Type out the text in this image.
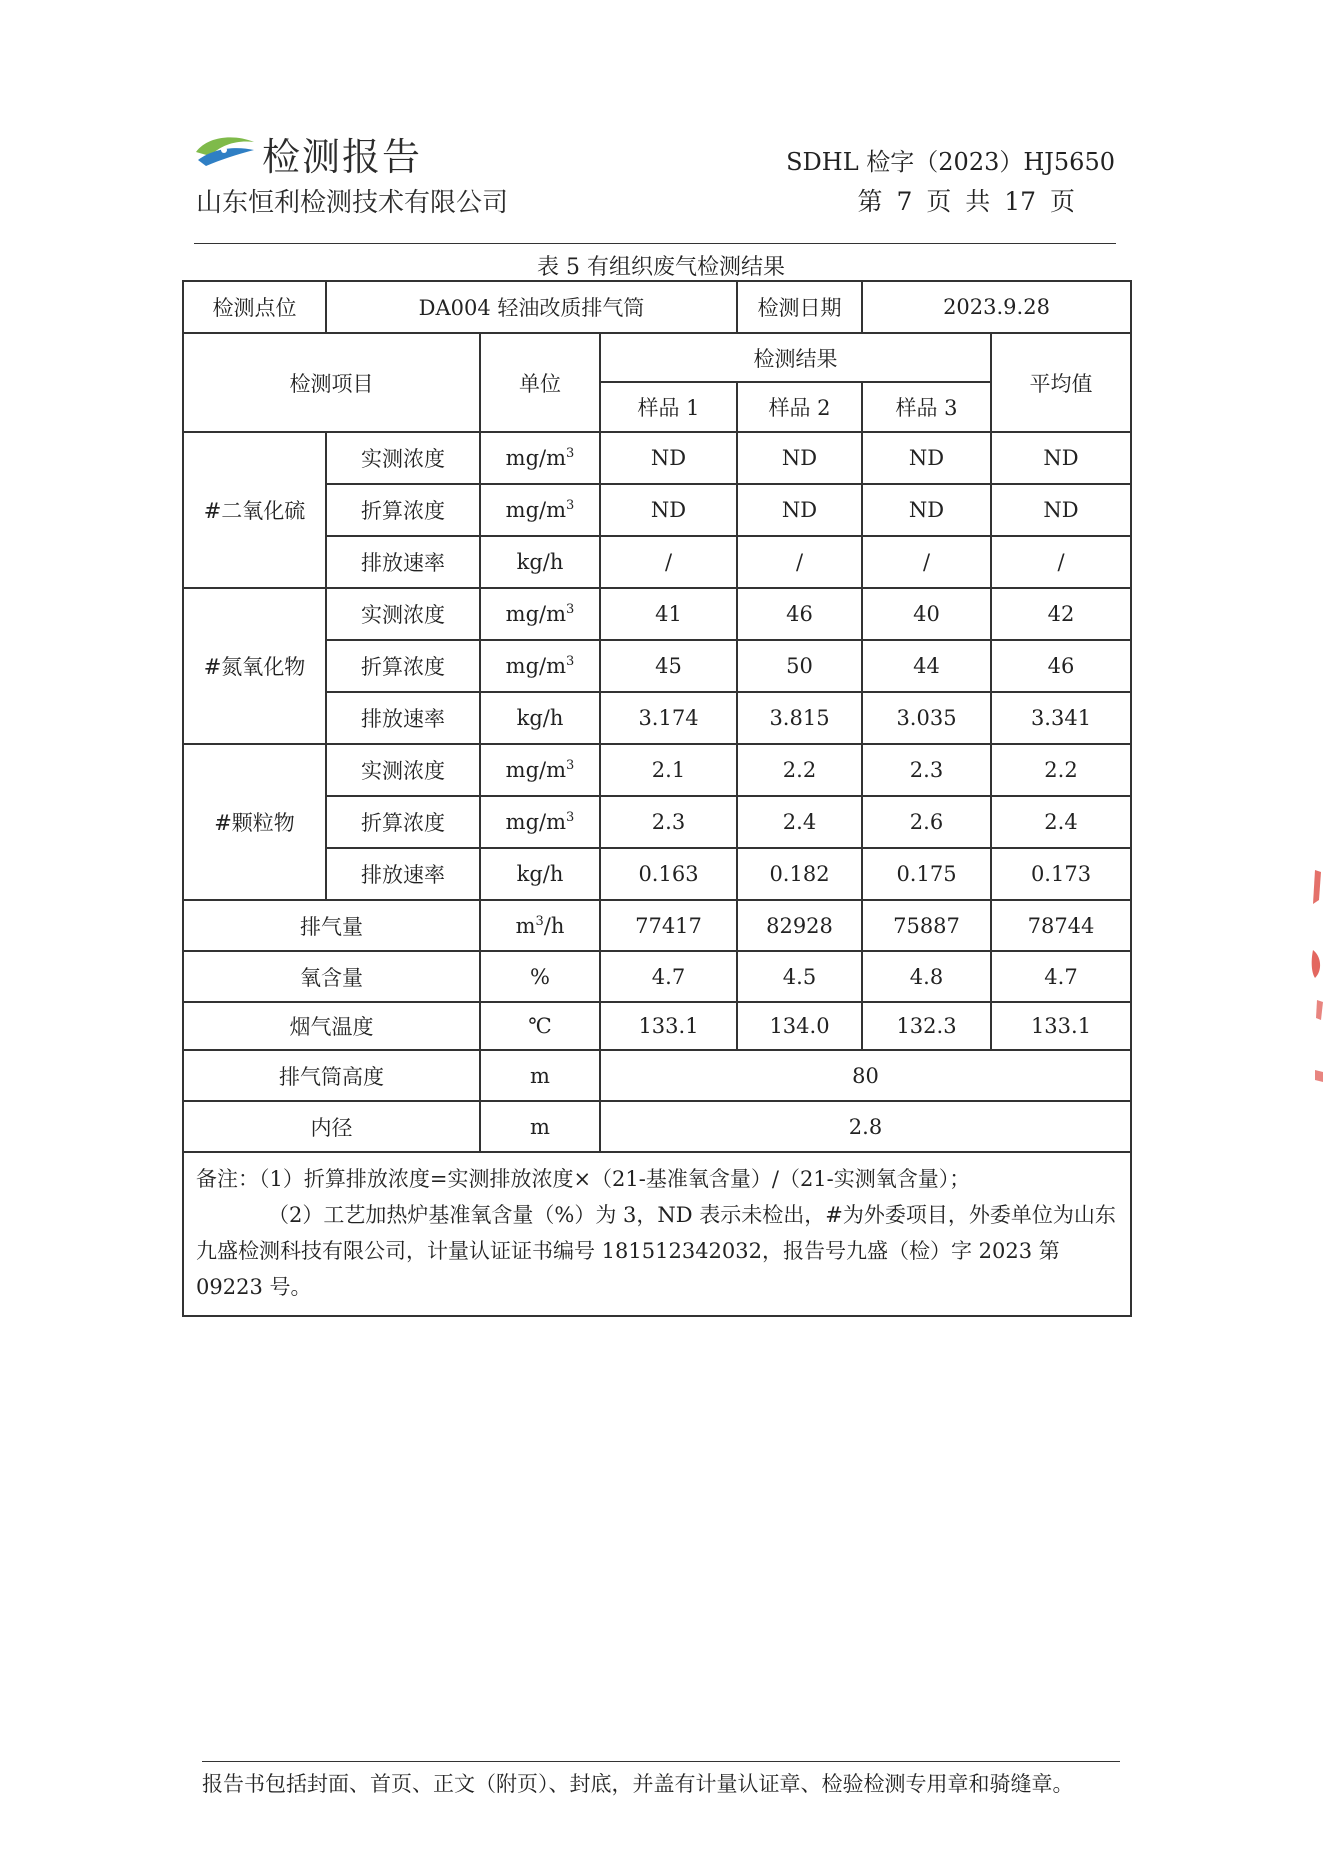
检测报告
山东恒利检测技术有限公司
SDHL 检字（2023）HJ5650
第 7 页 共 17 页
表 5 有组织废气检测结果
检测点位	DA004 轻油改质排气筒			检测日期	2023.9.28	
检测项目		单位	检测结果			平均值
			样品 1	样品 2	样品 3	
#二氧化硫	实测浓度	$mg/m^3$	ND	ND	ND	ND
	折算浓度	$mg/m^3$	ND	ND	ND	ND
	排放速率	kg/h	/	/	/	/
#氮氧化物	实测浓度	$mg/m^3$	41	46	40	42
	折算浓度	$mg/m^3$	45	50	44	46
	排放速率	kg/h	3.174	3.815	3.035	3.341
#颗粒物	实测浓度	$mg/m^3$	2.1	2.2	2.3	2.2
	折算浓度	$mg/m^3$	2.3	2.4	2.6	2.4
	排放速率	kg/h	0.163	0.182	0.175	0.173
排气量		$m^3/h$	77417	82928	75887	78744
氧含量		%	4.7	4.5	4.8	4.7
烟气温度		℃	133.1	134.0	132.3	133.1
排气筒高度		m	80			
内径		m	2.8			

备注：（1）折算排放浓度=实测排放浓度×（21-基准氧含量）/（21-实测氧含量）；

（2）工艺加热炉基准氧含量（%）为 3，ND 表示未检出，#为外委项目，外委单位为山东九盛检测科技有限公司，计量认证证书编号 181512342032，报告号九盛（检）字 2023 第 09223 号。						

报告书包括封面、首页、正文（附页）、封底，并盖有计量认证章、检验检测专用章和骑缝章。
